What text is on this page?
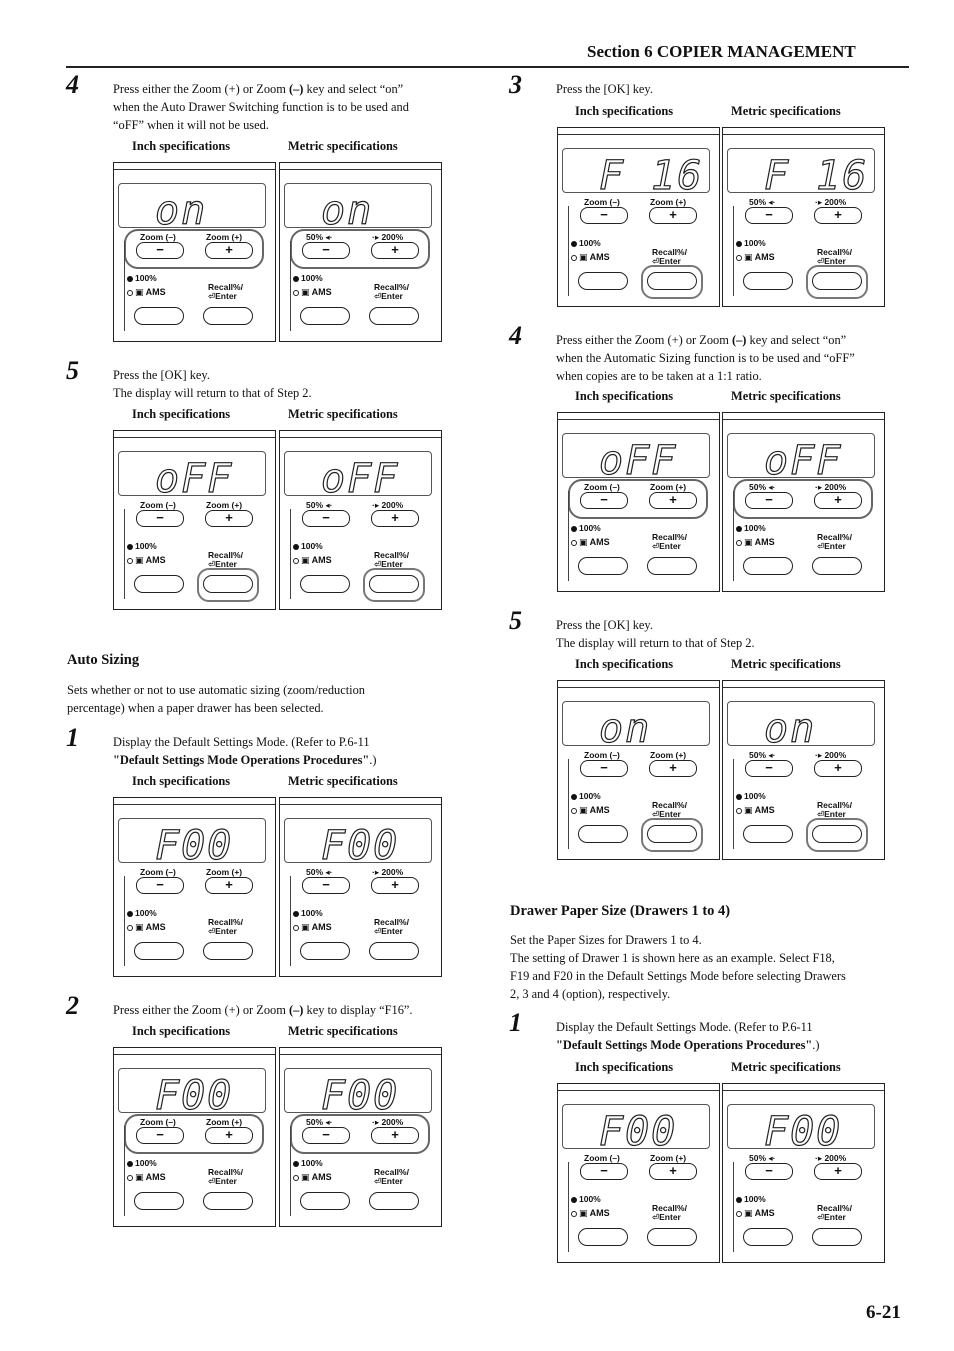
Section 6 COPIER MANAGEMENT
4	Press either the Zoom (+) or Zoom (–) key and select “on”
when the Auto Drawer Switching function is to be used and
“oFF” when it will not be used.
Inch specifications	Metric specifications
on
Zoom (–)	Zoom (+)
−	+
100%
▣ AMS	Recall%/
⏎Enter
on
50% ◂·	·▸ 200%
−	+
100%
▣ AMS	Recall%/
⏎Enter
5	Press the [OK] key.
The display will return to that of Step 2.
Inch specifications	Metric specifications
oFF
Zoom (–)	Zoom (+)
−	+
100%
▣ AMS	Recall%/
⏎Enter
oFF
50% ◂·	·▸ 200%
−	+
100%
▣ AMS	Recall%/
⏎Enter
Auto Sizing
Sets whether or not to use automatic sizing (zoom/reduction
percentage) when a paper drawer has been selected.
1	Display the Default Settings Mode. (Refer to P.6-11
"Default Settings Mode Operations Procedures".)
Inch specifications	Metric specifications
F00
Zoom (–)	Zoom (+)
−	+
100%
▣ AMS	Recall%/
⏎Enter
F00
50% ◂·	·▸ 200%
−	+
100%
▣ AMS	Recall%/
⏎Enter
2	Press either the Zoom (+) or Zoom (–) key to display “F16”.
Inch specifications	Metric specifications
F00
Zoom (–)	Zoom (+)
−	+
100%
▣ AMS	Recall%/
⏎Enter
F00
50% ◂·	·▸ 200%
−	+
100%
▣ AMS	Recall%/
⏎Enter
3	Press the [OK] key.
Inch specifications	Metric specifications
F 16
Zoom (–)	Zoom (+)
−	+
100%
▣ AMS	Recall%/
⏎Enter
F 16
50% ◂·	·▸ 200%
−	+
100%
▣ AMS	Recall%/
⏎Enter
4	Press either the Zoom (+) or Zoom (–) key and select “on”
when the Automatic Sizing function is to be used and “oFF”
when copies are to be taken at a 1:1 ratio.
Inch specifications	Metric specifications
oFF
Zoom (–)	Zoom (+)
−	+
100%
▣ AMS	Recall%/
⏎Enter
oFF
50% ◂·	·▸ 200%
−	+
100%
▣ AMS	Recall%/
⏎Enter
5	Press the [OK] key.
The display will return to that of Step 2.
Inch specifications	Metric specifications
on
Zoom (–)	Zoom (+)
−	+
100%
▣ AMS	Recall%/
⏎Enter
on
50% ◂·	·▸ 200%
−	+
100%
▣ AMS	Recall%/
⏎Enter
Drawer Paper Size (Drawers 1 to 4)
Set the Paper Sizes for Drawers 1 to 4.
The setting of Drawer 1 is shown here as an example. Select F18,
F19 and F20 in the Default Settings Mode before selecting Drawers
2, 3 and 4 (option), respectively.
1	Display the Default Settings Mode. (Refer to P.6-11
"Default Settings Mode Operations Procedures".)
Inch specifications	Metric specifications
F00
Zoom (–)	Zoom (+)
−	+
100%
▣ AMS	Recall%/
⏎Enter
F00
50% ◂·	·▸ 200%
−	+
100%
▣ AMS	Recall%/
⏎Enter
6-21
